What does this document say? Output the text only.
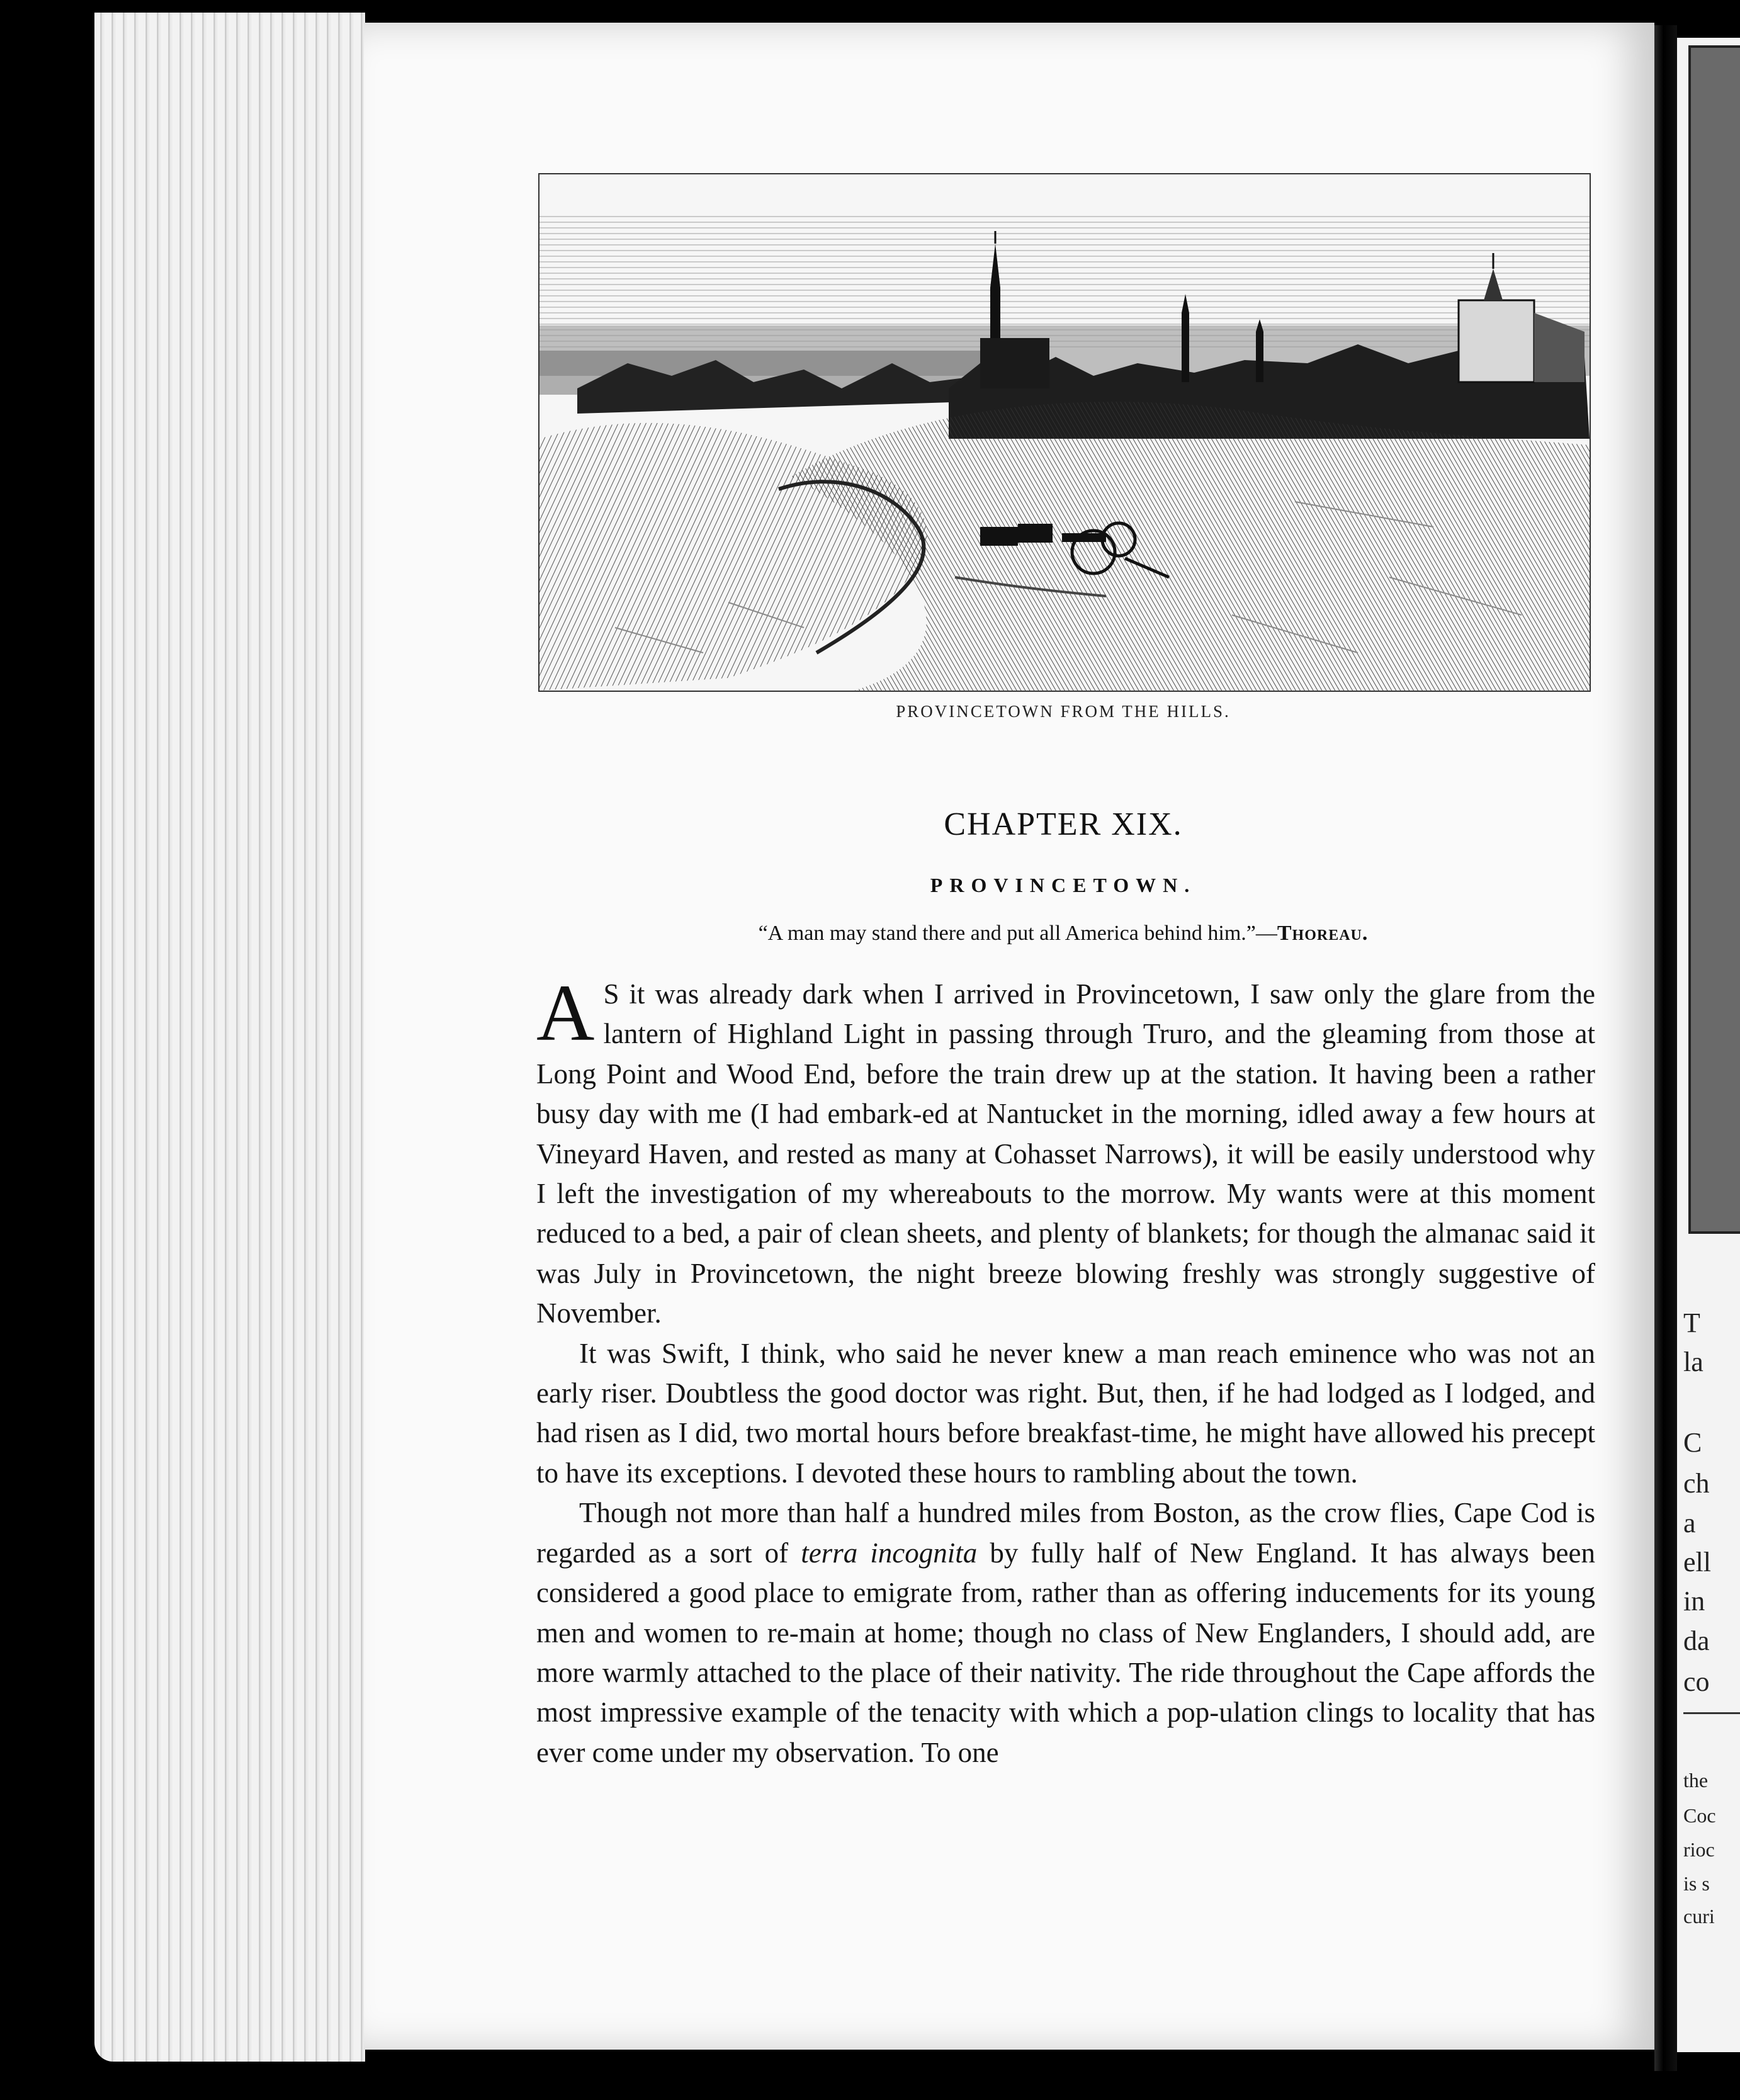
T
la
C
ch
a
ell
in
da
co
the
Coc
rioc
is s
curi
PROVINCETOWN FROM THE HILLS.
CHAPTER XIX.
PROVINCETOWN.
“A man may stand there and put all America behind him.”—Thoreau.

A S it was already dark when I arrived in Provincetown, I saw only the glare from the lantern of Highland Light in passing through Truro, and the gleaming from those at Long Point and Wood End, before the train drew up at the station. It having been a rather busy day with me (I had embark-ed at Nantucket in the morning, idled away a few hours at Vineyard Haven, and rested as many at Cohasset Narrows), it will be easily understood why I left the investigation of my whereabouts to the morrow. My wants were at this moment reduced to a bed, a pair of clean sheets, and plenty of blankets; for though the almanac said it was July in Provincetown, the night breeze blowing freshly was strongly suggestive of November.

It was Swift, I think, who said he never knew a man reach eminence who was not an early riser. Doubtless the good doctor was right. But, then, if he had lodged as I lodged, and had risen as I did, two mortal hours before breakfast-time, he might have allowed his precept to have its exceptions. I devoted these hours to rambling about the town.

Though not more than half a hundred miles from Boston, as the crow flies, Cape Cod is regarded as a sort of terra incognita by fully half of New England. It has always been considered a good place to emigrate from, rather than as offering inducements for its young men and women to re-main at home; though no class of New Englanders, I should add, are more warmly attached to the place of their nativity. The ride throughout the Cape affords the most impressive example of the tenacity with which a pop-ulation clings to locality that has ever come under my observation. To one
